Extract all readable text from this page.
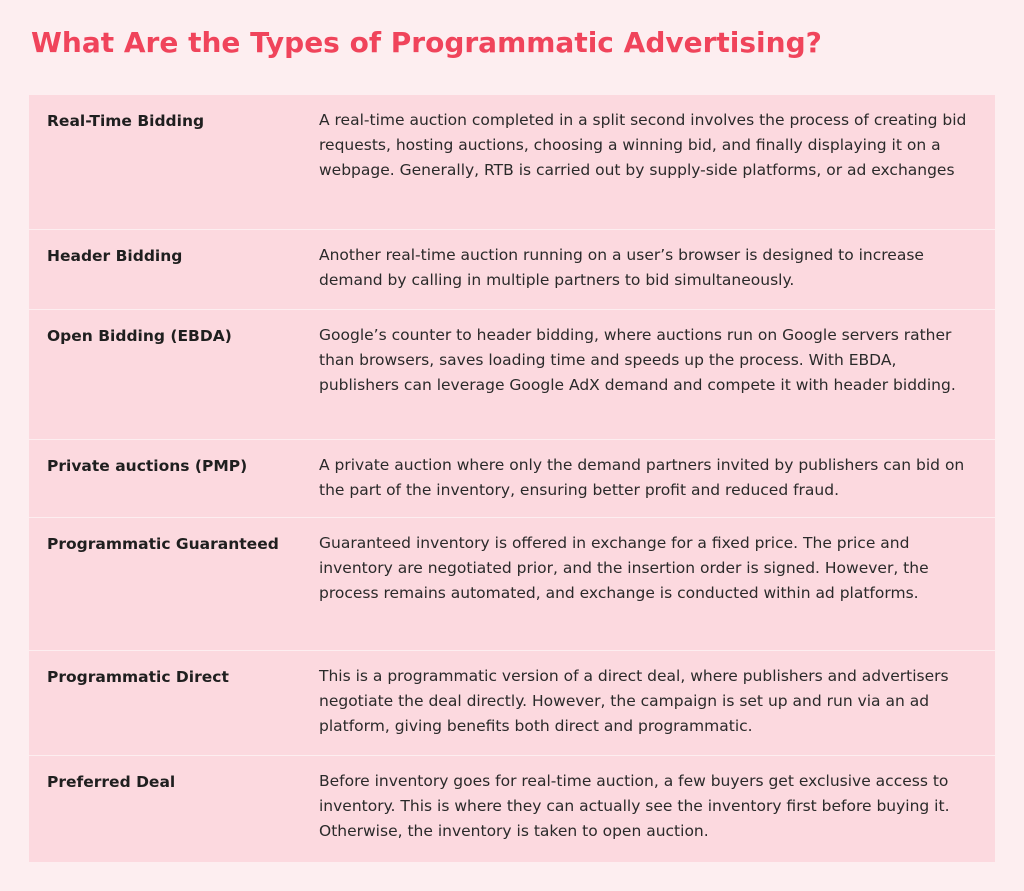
What Are the Types of Programmatic Advertising?
Real-Time Bidding	A real-time auction completed in a split second involves the process of creating bid requests, hosting auctions, choosing a winning bid, and finally displaying it on a webpage. Generally, RTB is carried out by supply-side platforms, or ad exchanges
Header Bidding	Another real-time auction running on a user’s browser is designed to increase demand by calling in multiple partners to bid simultaneously.
Open Bidding (EBDA)	Google’s counter to header bidding, where auctions run on Google servers rather than browsers, saves loading time and speeds up the process. With EBDA, publishers can leverage Google AdX demand and compete it with header bidding.
Private auctions (PMP)	A private auction where only the demand partners invited by publishers can bid on the part of the inventory, ensuring better profit and reduced fraud.
Programmatic Guaranteed	Guaranteed inventory is offered in exchange for a fixed price. The price and inventory are negotiated prior, and the insertion order is signed. However, the process remains automated, and exchange is conducted within ad platforms.
Programmatic Direct	This is a programmatic version of a direct deal, where publishers and advertisers negotiate the deal directly. However, the campaign is set up and run via an ad platform, giving benefits both direct and programmatic.
Preferred Deal	Before inventory goes for real-time auction, a few buyers get exclusive access to inventory. This is where they can actually see the inventory first before buying it. Otherwise, the inventory is taken to open auction.
